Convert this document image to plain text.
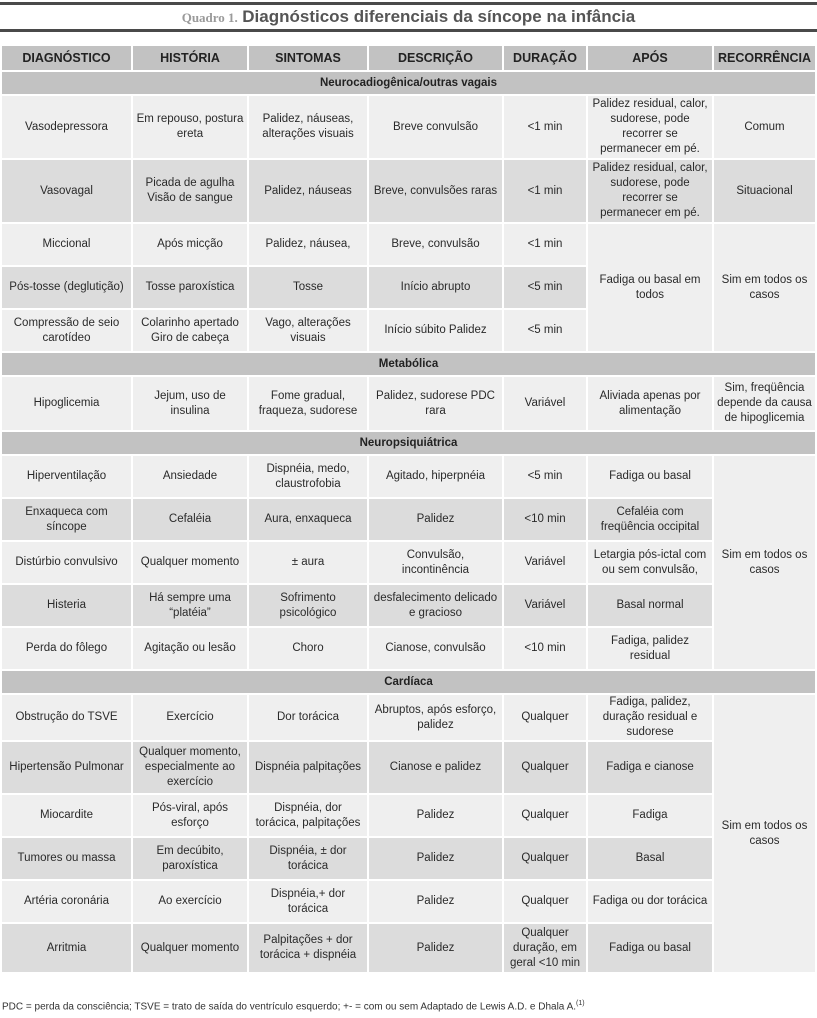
Quadro 1. Diagnósticos diferenciais da síncope na infância
DIAGNÓSTICO	HISTÓRIA	SINTOMAS	DESCRIÇÃO	DURAÇÃO	APÓS	RECORRÊNCIA
Neurocadiogênica/outras vagais						
Vasodepressora	Em repouso, postura ereta	Palidez, náuseas, alterações visuais	Breve convulsão	<1 min	Palidez residual, calor, sudorese, pode recorrer se permanecer em pé.	Comum
Vasovagal	Picada de agulha Visão de sangue	Palidez, náuseas	Breve, convulsões raras	<1 min	Palidez residual, calor, sudorese, pode recorrer se permanecer em pé.	Situacional
Miccional	Após micção	Palidez, náusea,	Breve, convulsão	<1 min	Fadiga ou basal em todos	Sim em todos os casos
Pós-tosse (deglutição)	Tosse paroxística	Tosse	Início abrupto	<5 min		
Compressão de seio carotídeo	Colarinho apertado Giro de cabeça	Vago, alterações visuais	Início súbito Palidez	<5 min		
Metabólica						
Hipoglicemia	Jejum, uso de insulina	Fome gradual, fraqueza, sudorese	Palidez, sudorese PDC rara	Variável	Aliviada apenas por alimentação	Sim, freqüência depende da causa de hipoglicemia
Neuropsiquiátrica						
Hiperventilação	Ansiedade	Dispnéia, medo, claustrofobia	Agitado, hiperpnéia	<5 min	Fadiga ou basal	Sim em todos os casos
Enxaqueca com síncope	Cefaléia	Aura, enxaqueca	Palidez	<10 min	Cefaléia com freqüência occipital	
Distúrbio convulsivo	Qualquer momento	± aura	Convulsão, incontinência	Variável	Letargia pós-ictal com ou sem convulsão,	
Histeria	Há sempre uma “platéia”	Sofrimento psicológico	desfalecimento delicado e gracioso	Variável	Basal normal	
Perda do fôlego	Agitação ou lesão	Choro	Cianose, convulsão	<10 min	Fadiga, palidez residual	
Cardíaca						
Obstrução do TSVE	Exercício	Dor torácica	Abruptos, após esforço, palidez	Qualquer	Fadiga, palidez, duração residual e sudorese	Sim em todos os casos
Hipertensão Pulmonar	Qualquer momento, especialmente ao exercício	Dispnéia palpitações	Cianose e palidez	Qualquer	Fadiga e cianose	
Miocardite	Pós-viral, após esforço	Dispnéia, dor torácica, palpitações	Palidez	Qualquer	Fadiga	
Tumores ou massa	Em decúbito, paroxística	Dispnéia, ± dor torácica	Palidez	Qualquer	Basal	
Artéria coronária	Ao exercício	Dispnéia,+ dor torácica	Palidez	Qualquer	Fadiga ou dor torácica	
Arritmia	Qualquer momento	Palpitações + dor torácica + dispnéia	Palidez	Qualquer duração, em geral <10 min	Fadiga ou basal	
PDC = perda da consciência; TSVE = trato de saída do ventrículo esquerdo; +- = com ou sem Adaptado de Lewis A.D. e Dhala A.$^{(1)}$
